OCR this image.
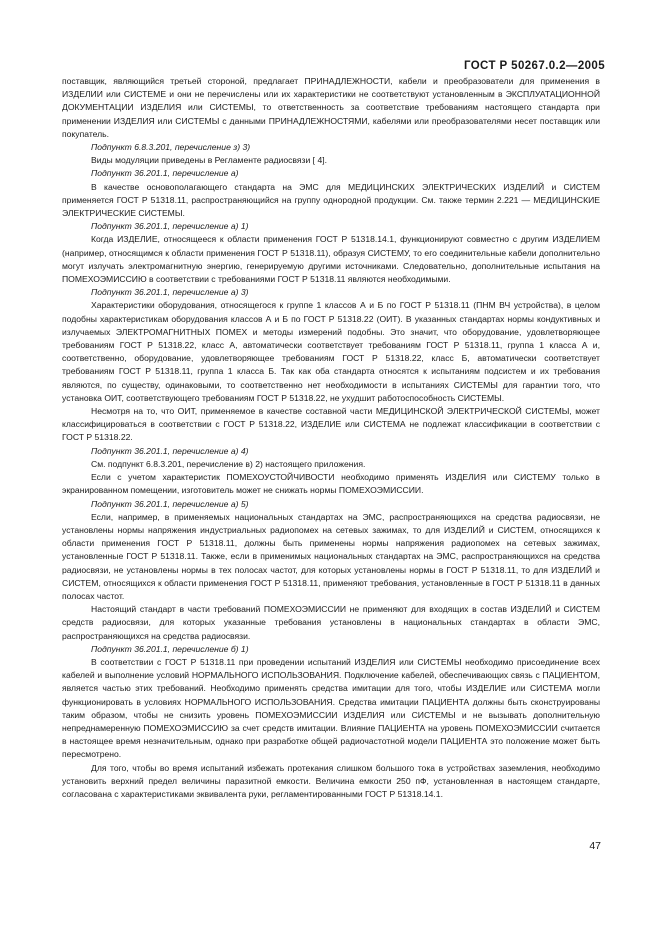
ГОСТ Р 50267.0.2—2005

поставщик, являющийся третьей стороной, предлагает ПРИНАДЛЕЖНОСТИ, кабели и преобразователи для применения в ИЗДЕЛИИ или СИСТЕМЕ и они не перечислены или их характеристики не соответствуют установленным в ЭКСПЛУАТАЦИОННОЙ ДОКУМЕНТАЦИИ ИЗДЕЛИЯ или СИСТЕМЫ, то ответственность за соответствие требованиям настоящего стандарта при применении ИЗДЕЛИЯ или СИСТЕМЫ с данными ПРИНАДЛЕЖНОСТЯМИ, кабелями или преобразователями несет поставщик или покупатель.

Подпункт 6.8.3.201, перечисление з) 3)

Виды модуляции приведены в Регламенте радиосвязи [ 4].

Подпункт 36.201.1, перечисление а)

В качестве основополагающего стандарта на ЭМС для МЕДИЦИНСКИХ ЭЛЕКТРИЧЕСКИХ ИЗДЕЛИЙ и СИСТЕМ применяется ГОСТ Р 51318.11, распространяющийся на группу однородной продукции. См. также термин 2.221 — МЕДИЦИНСКИЕ ЭЛЕКТРИЧЕСКИЕ СИСТЕМЫ.

Подпункт 36.201.1, перечисление а) 1)

Когда ИЗДЕЛИЕ, относящееся к области применения ГОСТ Р 51318.14.1, функционируют совместно с другим ИЗДЕЛИЕМ (например, относящимся к области применения ГОСТ Р 51318.11), образуя СИСТЕМУ, то его соединительные кабели дополнительно могут излучать электромагнитную энергию, генерируемую другими источниками. Следовательно, дополнительные испытания на ПОМЕХОЭМИССИЮ в соответствии с требованиями ГОСТ Р 51318.11 являются необходимыми.

Подпункт 36.201.1, перечисление а) 3)

Характеристики оборудования, относящегося к группе 1 классов А и Б по ГОСТ Р 51318.11 (ПНМ ВЧ устройства), в целом подобны характеристикам оборудования классов А и Б по ГОСТ Р 51318.22 (ОИТ). В указанных стандартах нормы кондуктивных и излучаемых ЭЛЕКТРОМАГНИТНЫХ ПОМЕХ и методы измерений подобны. Это значит, что оборудование, удовлетворяющее требованиям ГОСТ Р 51318.22, класс А, автоматически соответствует требованиям ГОСТ Р 51318.11, группа 1 класса А и, соответственно, оборудование, удовлетворяющее требованиям ГОСТ Р 51318.22, класс Б, автоматически соответствует требованиям ГОСТ Р 51318.11, группа 1 класса Б. Так как оба стандарта относятся к испытаниям подсистем и их требования являются, по существу, одинаковыми, то соответственно нет необходимости в испытаниях СИСТЕМЫ для гарантии того, что установка ОИТ, соответствующего требованиям ГОСТ Р 51318.22, не ухудшит работоспособность СИСТЕМЫ.

Несмотря на то, что ОИТ, применяемое в качестве составной части МЕДИЦИНСКОЙ ЭЛЕКТРИЧЕСКОЙ СИСТЕМЫ, может классифицироваться в соответствии с ГОСТ Р 51318.22, ИЗДЕЛИЕ или СИСТЕМА не подлежат классификации в соответствии с ГОСТ Р 51318.22.

Подпункт 36.201.1, перечисление а) 4)

См. подпункт 6.8.3.201, перечисление в) 2) настоящего приложения.

Если с учетом характеристик ПОМЕХОУСТОЙЧИВОСТИ необходимо применять ИЗДЕЛИЯ или СИСТЕМУ только в экранированном помещении, изготовитель может не снижать нормы ПОМЕХОЭМИССИИ.

Подпункт 36.201.1, перечисление а) 5)

Если, например, в применяемых национальных стандартах на ЭМС, распространяющихся на средства радиосвязи, не установлены нормы напряжения индустриальных радиопомех на сетевых зажимах, то для ИЗДЕЛИЙ и СИСТЕМ, относящихся к области применения ГОСТ Р 51318.11, должны быть применены нормы напряжения радиопомех на сетевых зажимах, установленные ГОСТ Р 51318.11. Также, если в применимых национальных стандартах на ЭМС, распространяющихся на средства радиосвязи, не установлены нормы в тех полосах частот, для которых установлены нормы в ГОСТ Р 51318.11, то для ИЗДЕЛИЙ и СИСТЕМ, относящихся к области применения ГОСТ Р 51318.11, применяют требования, установленные в ГОСТ Р 51318.11 в данных полосах частот.

Настоящий стандарт в части требований ПОМЕХОЭМИССИИ не применяют для входящих в состав ИЗДЕЛИЙ и СИСТЕМ средств радиосвязи, для которых указанные требования установлены в национальных стандартах в области ЭМС, распространяющихся на средства радиосвязи.

Подпункт 36.201.1, перечисление б) 1)

В соответствии с ГОСТ Р 51318.11 при проведении испытаний ИЗДЕЛИЯ или СИСТЕМЫ необходимо присоединение всех кабелей и выполнение условий НОРМАЛЬНОГО ИСПОЛЬЗОВАНИЯ. Подключение кабелей, обеспечивающих связь с ПАЦИЕНТОМ, является частью этих требований. Необходимо применять средства имитации для того, чтобы ИЗДЕЛИЕ или СИСТЕМА могли функционировать в условиях НОРМАЛЬНОГО ИСПОЛЬЗОВАНИЯ. Средства имитации ПАЦИЕНТА должны быть сконструированы таким образом, чтобы не снизить уровень ПОМЕХОЭМИССИИ ИЗДЕЛИЯ или СИСТЕМЫ и не вызывать дополнительную непреднамеренную ПОМЕХОЭМИССИЮ за счет средств имитации. Влияние ПАЦИЕНТА на уровень ПОМЕХОЭМИССИИ считается в настоящее время незначительным, однако при разработке общей радиочастотной модели ПАЦИЕНТА это положение может быть пересмотрено.

Для того, чтобы во время испытаний избежать протекания слишком большого тока в устройствах заземления, необходимо установить верхний предел величины паразитной емкости. Величина емкости 250 пФ, установленная в настоящем стандарте, согласована с характеристиками эквивалента руки, регламентированными ГОСТ Р 51318.14.1.

47
